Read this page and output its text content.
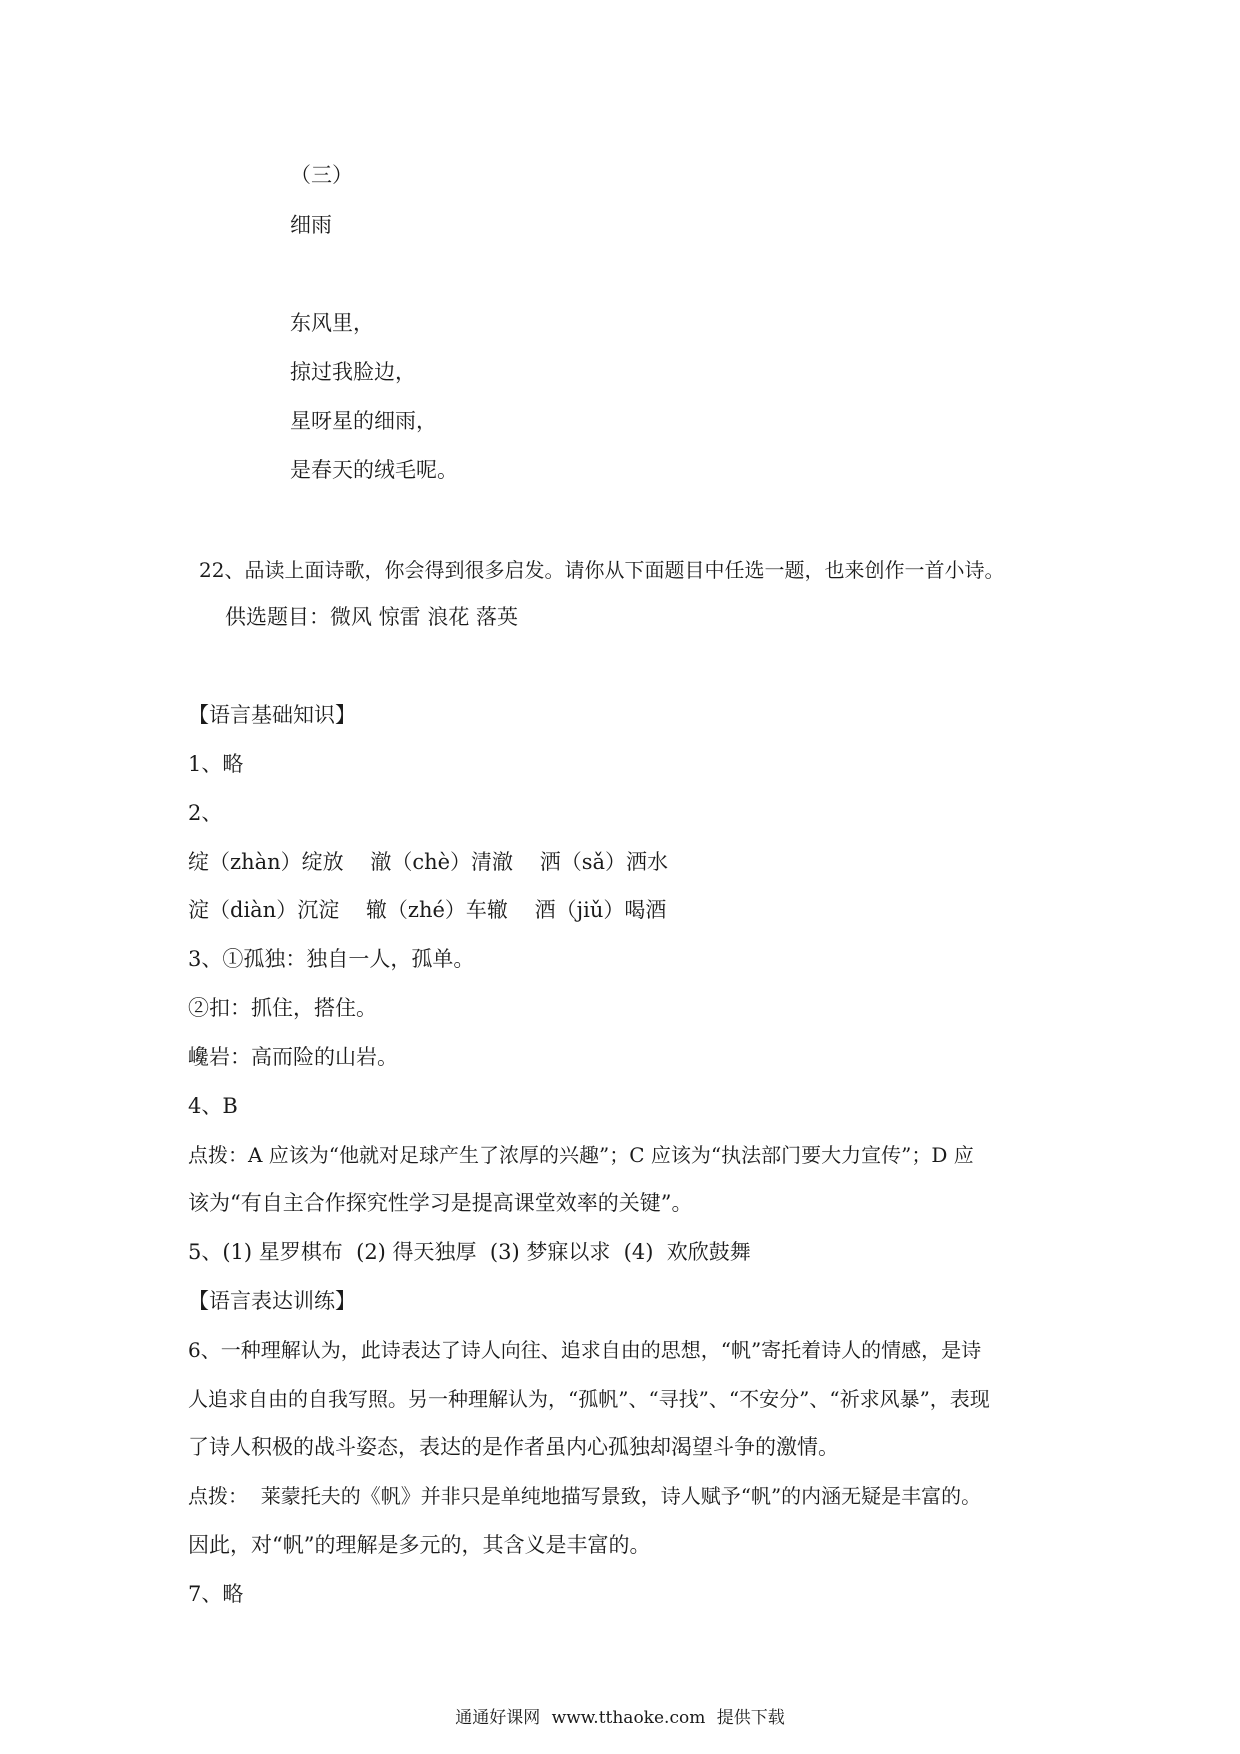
（三）
细雨
东风里，
掠过我脸边，
星呀星的细雨，
是春天的绒毛呢。
22、品读上面诗歌，你会得到很多启发。请你从下面题目中任选一题，也来创作一首小诗。
供选题目：微风 惊雷 浪花 落英
【语言基础知识】
1、略
2、
绽（zhàn）绽放    澈（chè）清澈    洒（sǎ）洒水
淀（diàn）沉淀    辙（zhé）车辙    酒（jiǔ）喝酒
3、①孤独：独自一人，孤单。
②扣：抓住，搭住。
巉岩：高而险的山岩。
4、B
点拨：A 应该为“他就对足球产生了浓厚的兴趣”；C 应该为“执法部门要大力宣传”；D 应
该为“有自主合作探究性学习是提高课堂效率的关键”。
5、(1) 星罗棋布  (2) 得天独厚  (3) 梦寐以求  (4)  欢欣鼓舞
【语言表达训练】
6、一种理解认为，此诗表达了诗人向往、追求自由的思想，“帆”寄托着诗人的情感，是诗
人追求自由的自我写照。另一种理解认为，“孤帆”、“寻找”、“不安分”、“祈求风暴”，表现
了诗人积极的战斗姿态，表达的是作者虽内心孤独却渴望斗争的激情。
点拨：  莱蒙托夫的《帆》并非只是单纯地描写景致，诗人赋予“帆”的内涵无疑是丰富的。
因此，对“帆”的理解是多元的，其含义是丰富的。
7、略
通通好课网 www.tthaoke.com 提供下载
